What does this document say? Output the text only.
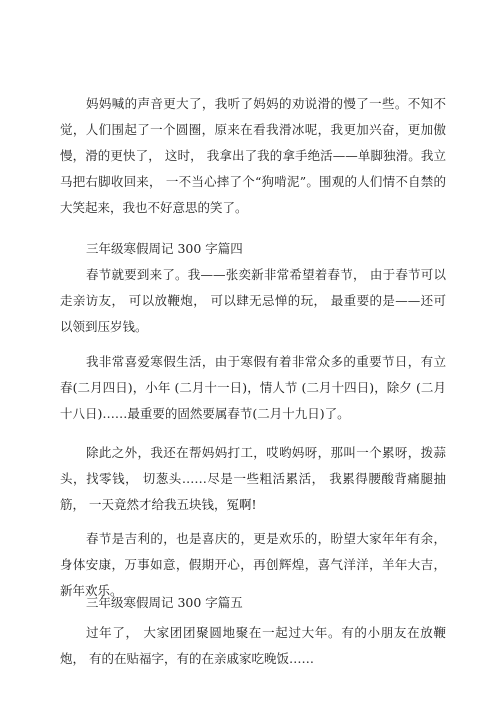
妈妈喊的声音更大了，我听了妈妈的劝说滑的慢了一些。不知不觉，人们围起了一个圆圈，原来在看我滑冰呢，我更加兴奋，更加傲慢，滑的更快了， 这时， 我拿出了我的拿手绝活——单脚独滑。我立马把右脚收回来， 一不当心摔了个“狗啃泥”。围观的人们情不自禁的大笑起来，我也不好意思的笑了。

三年级寒假周记 300 字篇四

春节就要到来了。我——张奕新非常希望着春节， 由于春节可以走亲访友， 可以放鞭炮， 可以肆无忌惮的玩， 最重要的是——还可以领到压岁钱。

我非常喜爱寒假生活，由于寒假有着非常众多的重要节日，有立春(二月四日)，小年 (二月十一日)，情人节 (二月十四日)，除夕 (二月十八日)……最重要的固然要属春节(二月十九日)了。

除此之外，我还在帮妈妈打工，哎哟妈呀，那叫一个累呀，拨蒜头，找零钱， 切葱头……尽是一些粗活累活， 我累得腰酸背痛腿抽筋， 一天竟然才给我五块钱，冤啊!

春节是吉利的，也是喜庆的，更是欢乐的，盼望大家年年有余，身体安康，万事如意，假期开心，再创辉煌，喜气洋洋，羊年大吉，新年欢乐。

三年级寒假周记 300 字篇五

过年了， 大家团团聚圆地聚在一起过大年。有的小朋友在放鞭炮， 有的在贴福字，有的在亲戚家吃晚饭……
